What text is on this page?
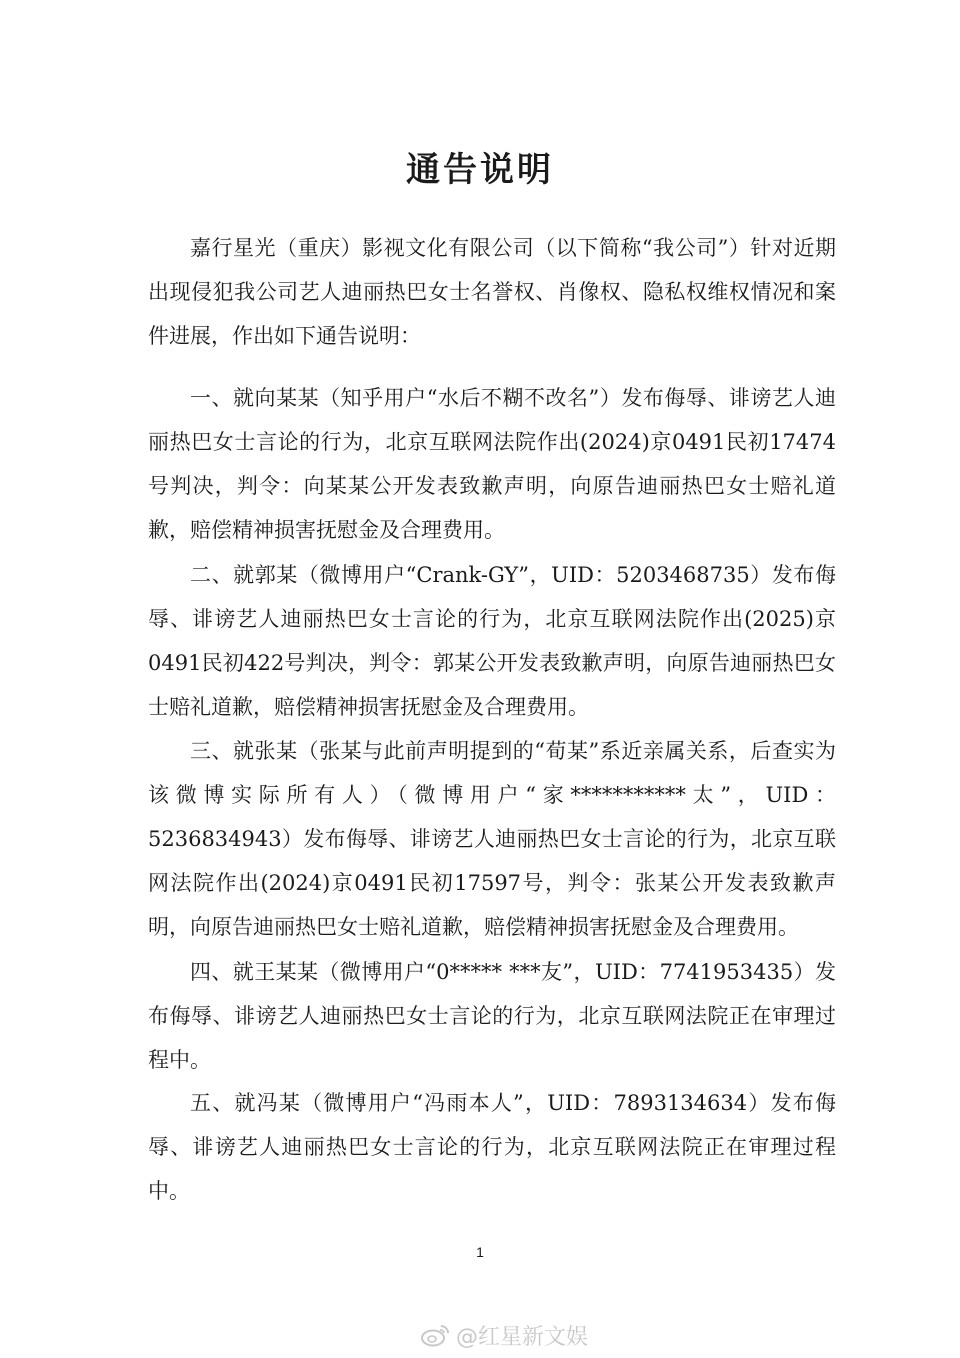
通告说明

嘉行星光（重庆）影视文化有限公司（以下简称“我公司”）针对近期出现侵犯我公司艺人迪丽热巴女士名誉权、肖像权、隐私权维权情况和案件进展，作出如下通告说明：

一、就向某某（知乎用户“水后不糊不改名”）发布侮辱、诽谤艺人迪丽热巴女士言论的行为，北京互联网法院作出(2024)京0491民初17474号判决，判令：向某某公开发表致歉声明，向原告迪丽热巴女士赔礼道歉，赔偿精神损害抚慰金及合理费用。

二、就郭某（微博用户“Crank-GY”，UID：5203468735）发布侮辱、诽谤艺人迪丽热巴女士言论的行为，北京互联网法院作出(2025)京0491民初422号判决，判令：郭某公开发表致歉声明，向原告迪丽热巴女士赔礼道歉，赔偿精神损害抚慰金及合理费用。

三、就张某（张某与此前声明提到的“荀某”系近亲属关系，后查实为该微博实际所有人）（微博用户“家***********太”，UID：5236834943）发布侮辱、诽谤艺人迪丽热巴女士言论的行为，北京互联网法院作出(2024)京0491民初17597号，判令：张某公开发表致歉声明，向原告迪丽热巴女士赔礼道歉，赔偿精神损害抚慰金及合理费用。

四、就王某某（微博用户“0***** ***友”，UID：7741953435）发布侮辱、诽谤艺人迪丽热巴女士言论的行为，北京互联网法院正在审理过程中。

五、就冯某（微博用户“冯雨本人”，UID：7893134634）发布侮辱、诽谤艺人迪丽热巴女士言论的行为，北京互联网法院正在审理过程中。

1
@红星新文娱
